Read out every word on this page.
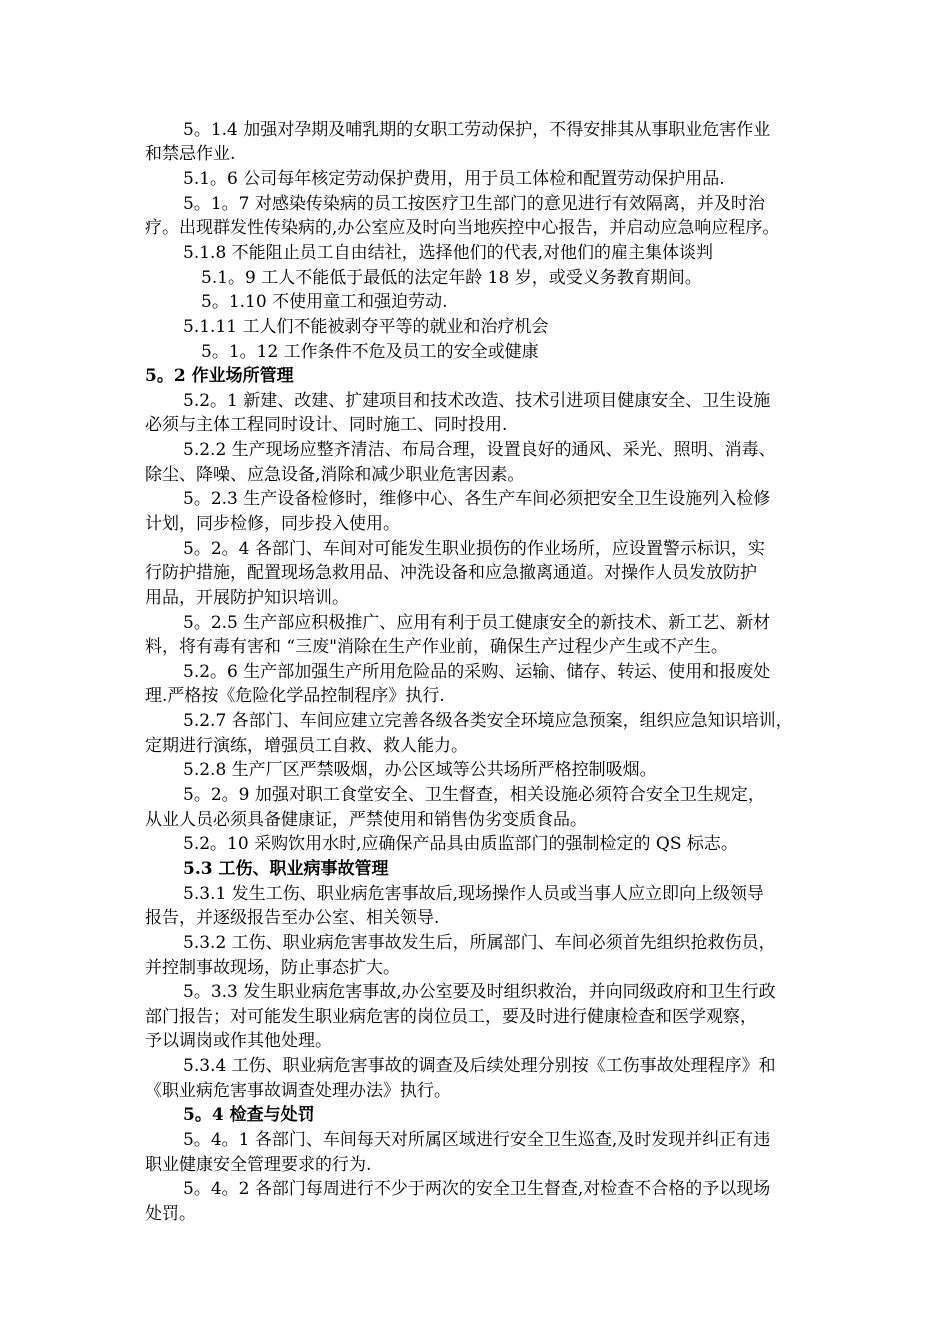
5。1.4 加强对孕期及哺乳期的女职工劳动保护，不得安排其从事职业危害作业
和禁忌作业.
5.1。6 公司每年核定劳动保护费用，用于员工体检和配置劳动保护用品.
5。1。7 对感染传染病的员工按医疗卫生部门的意见进行有效隔离，并及时治
疗。出现群发性传染病的,办公室应及时向当地疾控中心报告，并启动应急响应程序。
5.1.8 不能阻止员工自由结社，选择他们的代表,对他们的雇主集体谈判
5.1。9 工人不能低于最低的法定年龄 18 岁，或受义务教育期间。
5。1.10 不使用童工和强迫劳动.
5.1.11 工人们不能被剥夺平等的就业和治疗机会
5。1。12 工作条件不危及员工的安全或健康
5。2 作业场所管理
5.2。1 新建、改建、扩建项目和技术改造、技术引进项目健康安全、卫生设施
必须与主体工程同时设计、同时施工、同时投用.
5.2.2 生产现场应整齐清洁、布局合理，设置良好的通风、采光、照明、消毒、
除尘、降噪、应急设备,消除和减少职业危害因素。
5。2.3 生产设备检修时，维修中心、各生产车间必须把安全卫生设施列入检修
计划，同步检修，同步投入使用。
5。2。4 各部门、车间对可能发生职业损伤的作业场所，应设置警示标识，实
行防护措施，配置现场急救用品、冲洗设备和应急撤离通道。对操作人员发放防护
用品，开展防护知识培训。
5。2.5 生产部应积极推广、应用有利于员工健康安全的新技术、新工艺、新材
料，将有毒有害和 “三废"消除在生产作业前，确保生产过程少产生或不产生。
5.2。6 生产部加强生产所用危险品的采购、运输、储存、转运、使用和报废处
理.严格按《危险化学品控制程序》执行.
5.2.7 各部门、车间应建立完善各级各类安全环境应急预案，组织应急知识培训，
定期进行演练，增强员工自救、救人能力。
5.2.8 生产厂区严禁吸烟，办公区域等公共场所严格控制吸烟。
5。2。9 加强对职工食堂安全、卫生督查，相关设施必须符合安全卫生规定，
从业人员必须具备健康证，严禁使用和销售伪劣变质食品。
5.2。10 采购饮用水时,应确保产品具由质监部门的强制检定的 QS 标志。
5.3 工伤、职业病事故管理
5.3.1 发生工伤、职业病危害事故后,现场操作人员或当事人应立即向上级领导
报告，并逐级报告至办公室、相关领导.
5.3.2 工伤、职业病危害事故发生后，所属部门、车间必须首先组织抢救伤员，
并控制事故现场，防止事态扩大。
5。3.3 发生职业病危害事故,办公室要及时组织救治，并向同级政府和卫生行政
部门报告；对可能发生职业病危害的岗位员工，要及时进行健康检查和医学观察，
予以调岗或作其他处理。
5.3.4 工伤、职业病危害事故的调查及后续处理分别按《工伤事故处理程序》和
《职业病危害事故调查处理办法》执行。
5。4 检查与处罚
5。4。1 各部门、车间每天对所属区域进行安全卫生巡查,及时发现并纠正有违
职业健康安全管理要求的行为.
5。4。2 各部门每周进行不少于两次的安全卫生督查,对检查不合格的予以现场
处罚。
